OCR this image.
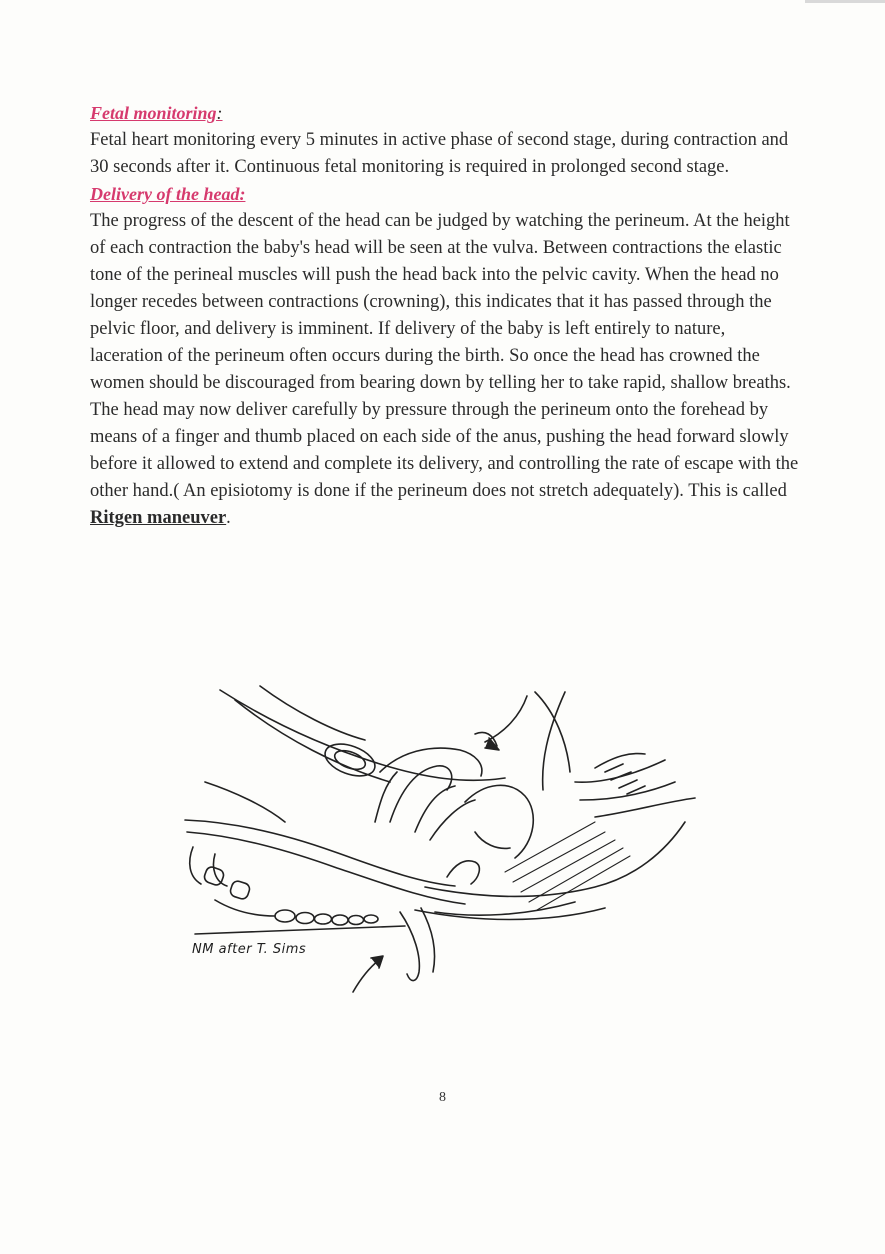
Fetal monitoring:

Fetal heart monitoring every 5 minutes in active phase of second stage, during contraction and 30 seconds after it. Continuous fetal monitoring is required in prolonged second stage.

Delivery of the head:

The progress of the descent of the head can be judged by watching the perineum. At the height of each contraction the baby's head will be seen at the vulva. Between contractions the elastic tone of the perineal muscles will push the head back into the pelvic cavity. When the head no longer recedes between contractions (crowning), this indicates that it has passed through the pelvic floor, and delivery is imminent. If delivery of the baby is left entirely to nature, laceration of the perineum often occurs during the birth. So once the head has crowned the women should be discouraged from bearing down by telling her to take rapid, shallow breaths.

The head may now deliver carefully by pressure through the perineum onto the forehead by means of a finger and thumb placed on each side of the anus, pushing the head forward slowly before it allowed to extend and complete its delivery, and controlling the rate of escape with the other hand.( An episiotomy is done if the perineum does not stretch adequately). This is called Ritgen maneuver.

NM after T. Sims
8
